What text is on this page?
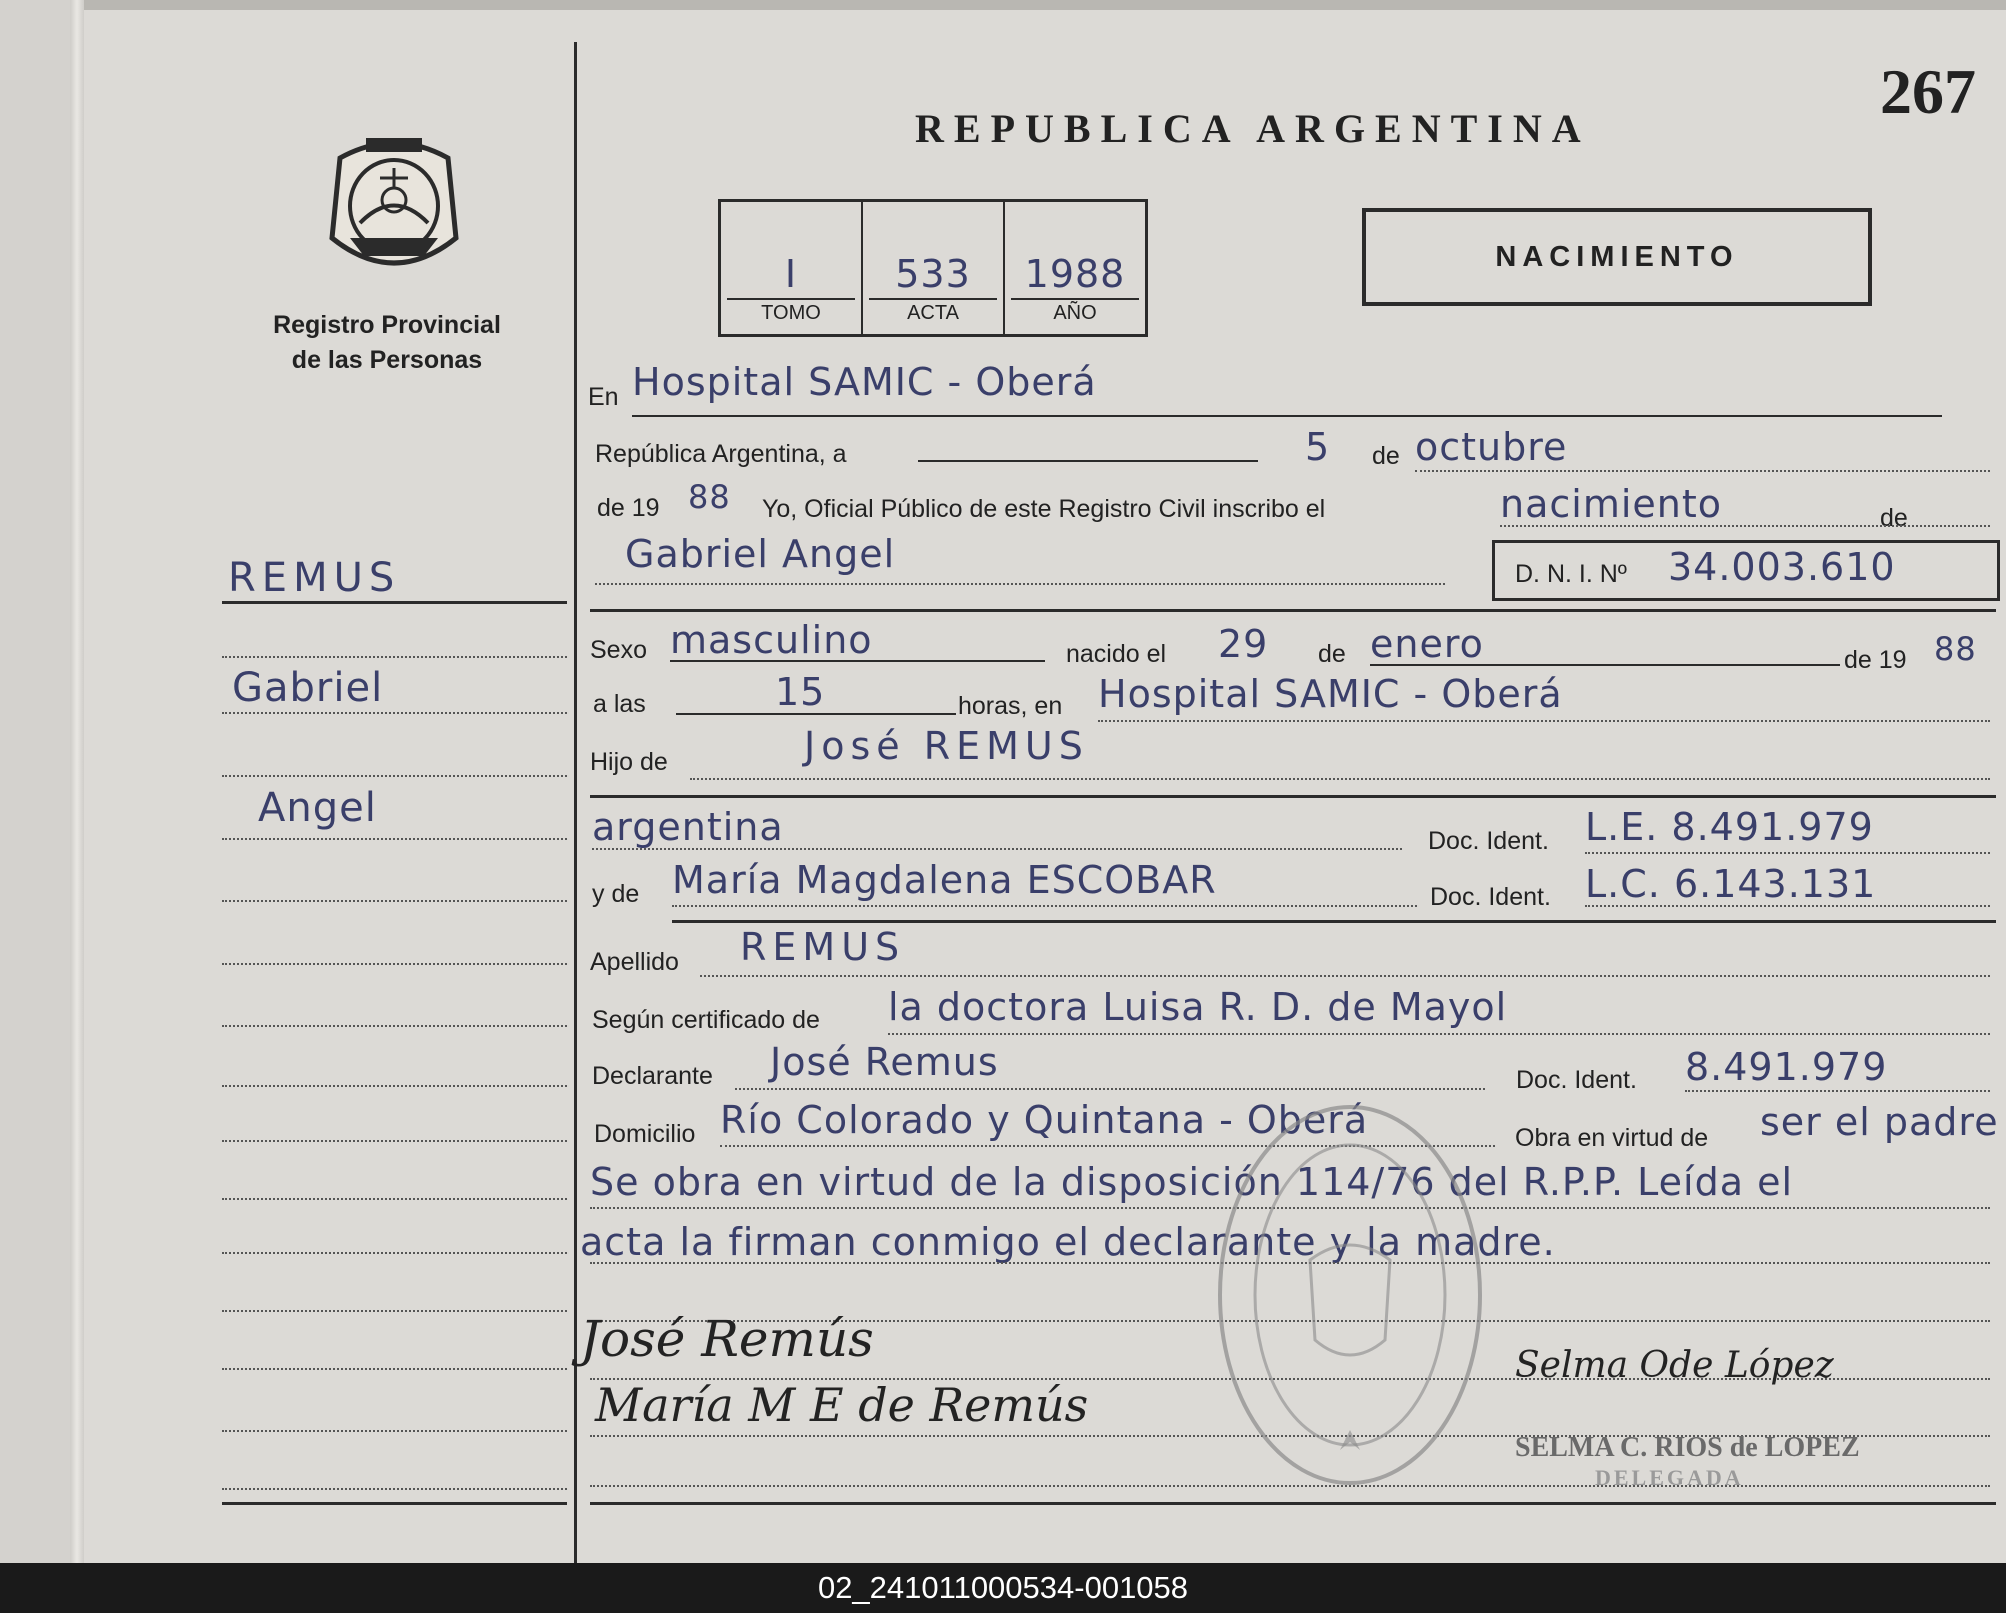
Registro Provincial
de las Personas
REMUS
Gabriel
Angel
REPUBLICA ARGENTINA
267
I
TOMO
533
ACTA
1988
AÑO
NACIMIENTO
En Hospital SAMIC - Oberá
República Argentina, a	5 de octubre
de 19 88 Yo, Oficial Público de este Registro Civil inscribo el	nacimiento	de
Gabriel Angel	D. N. I. Nº 34.003.610
Sexo masculino	nacido el 29 de enero	de 19 88
a las	15	horas, en Hospital SAMIC - Oberá
Hijo de	José REMUS
argentina	Doc. Ident. L.E. 8.491.979
y de María Magdalena ESCOBAR	Doc. Ident. L.C. 6.143.131
Apellido REMUS
Según certificado de la doctora Luisa R. D. de Mayol
Declarante José Remus	Doc. Ident. 8.491.979
Domicilio Río Colorado y Quintana - Oberá	Obra en virtud de ser el padre
Se obra en virtud de la disposición 114/76 del R.P.P. Leída el
acta la firman conmigo el declarante y la madre.
José Remús
María M E de Remús
Selma Ode López
SELMA C. RIOS de LOPEZ
DELEGADA
02_241011000534-001058
